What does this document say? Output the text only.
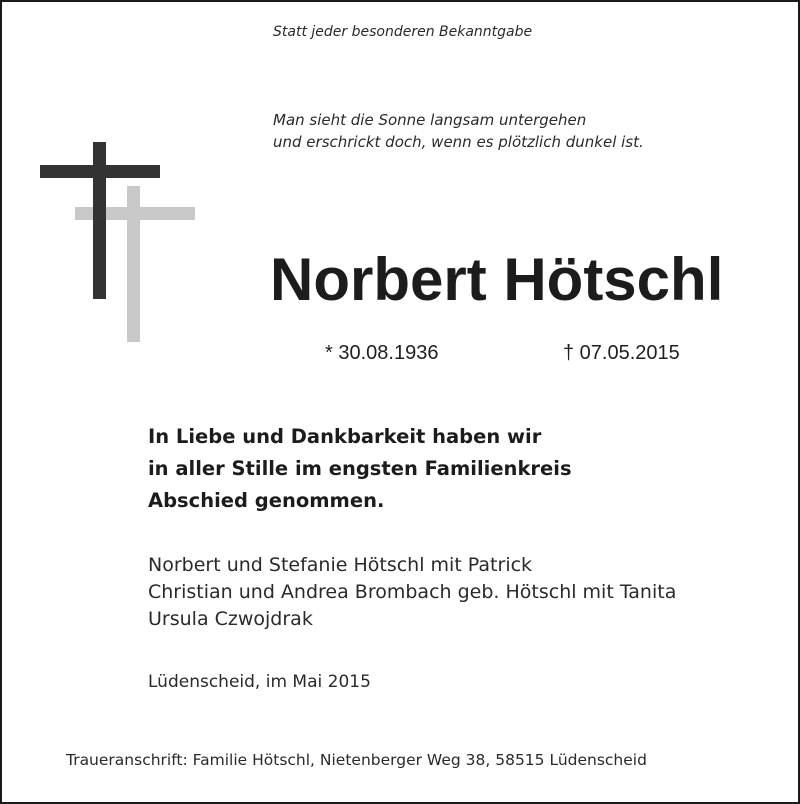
Statt jeder besonderen Bekanntgabe
Man sieht die Sonne langsam untergehen
und erschrickt doch, wenn es plötzlich dunkel ist.
Norbert Hötschl
* 30.08.1936	† 07.05.2015
In Liebe und Dankbarkeit haben wir
in aller Stille im engsten Familienkreis
Abschied genommen.
Norbert und Stefanie Hötschl mit Patrick
Christian und Andrea Brombach geb. Hötschl mit Tanita
Ursula Czwojdrak
Lüdenscheid, im Mai 2015
Traueranschrift: Familie Hötschl, Nietenberger Weg 38, 58515 Lüdenscheid
